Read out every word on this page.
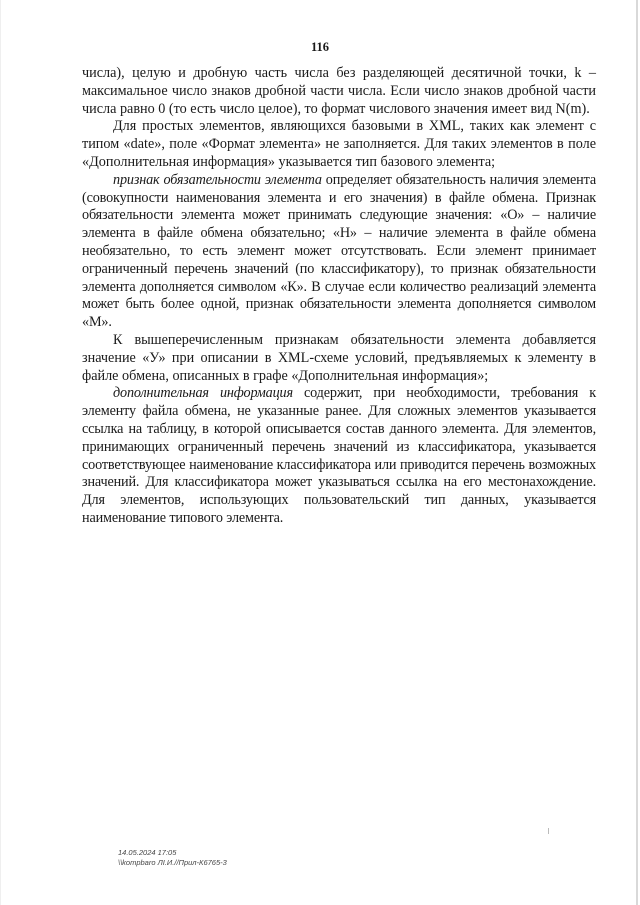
116

числа), целую и дробную часть числа без разделяющей десятичной точки, k – максимальное число знаков дробной части числа. Если число знаков дробной части числа равно 0 (то есть число целое), то формат числового значения имеет вид N(m).

Для простых элементов, являющихся базовыми в XML, таких как элемент с типом «date», поле «Формат элемента» не заполняется. Для таких элементов в поле «Дополнительная информация» указывается тип базового элемента;

признак обязательности элемента определяет обязательность наличия элемента (совокупности наименования элемента и его значения) в файле обмена. Признак обязательности элемента может принимать следующие значения: «О» – наличие элемента в файле обмена обязательно; «Н» – наличие элемента в файле обмена необязательно, то есть элемент может отсутствовать. Если элемент принимает ограниченный перечень значений (по классификатору), то признак обязательности элемента дополняется символом «К». В случае если количество реализаций элемента может быть более одной, признак обязательности элемента дополняется символом «М».

К вышеперечисленным признакам обязательности элемента добавляется значение «У» при описании в XML-схеме условий, предъявляемых к элементу в файле обмена, описанных в графе «Дополнительная информация»;

дополнительная информация содержит, при необходимости, требования к элементу файла обмена, не указанные ранее. Для сложных элементов указывается ссылка на таблицу, в которой описывается состав данного элемента. Для элементов, принимающих ограниченный перечень значений из классификатора, указывается соответствующее наименование классификатора или приводится перечень возможных значений. Для классификатора может указываться ссылка на его местонахождение. Для элементов, использующих пользовательский тип данных, указывается наименование типового элемента.

14.05.2024 17:05
\\kompbaro ЛI.И.//Прил-К6765-3
